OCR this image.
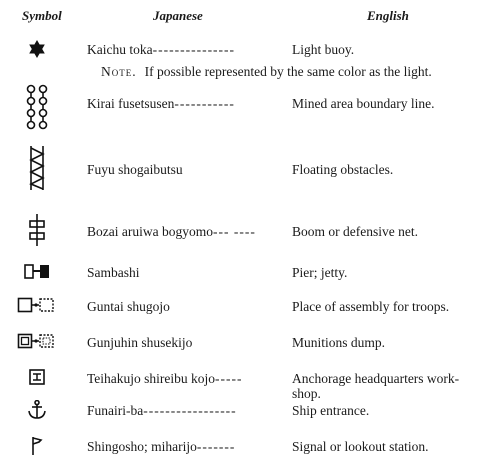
Symbol	Japanese	English
Kaichu toka---------------	Light buoy.
Note. If possible represented by the same color as the light.
Kirai fusetsusen-----------	Mined area boundary line.
Fuyu shogaibutsu	Floating obstacles.
Bozai aruiwa bogyomo--- ----	Boom or defensive net.
Sambashi	Pier; jetty.
Guntai shugojo	Place of assembly for troops.
Gunjuhin shusekijo	Munitions dump.
Teihakujo shireibu kojo-----	Anchorage headquarters work-shop.
Funairi-ba-----------------	Ship entrance.
Shingosho; miharijo-------	Signal or lookout station.
